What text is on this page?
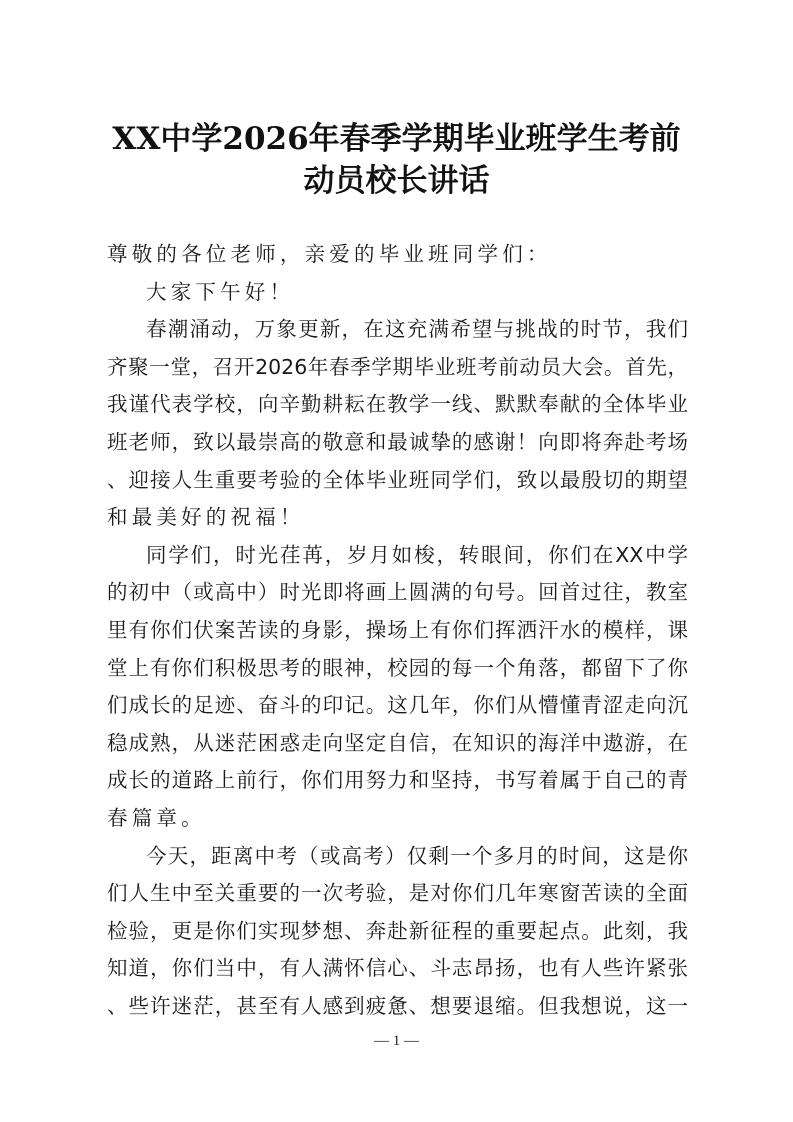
XX中学2026年春季学期毕业班学生考前
动员校长讲话
尊敬的各位老师，亲爱的毕业班同学们：
大家下午好！
春潮涌动，万象更新，在这充满希望与挑战的时节，我们
齐聚一堂，召开2026年春季学期毕业班考前动员大会。首先，
我谨代表学校，向辛勤耕耘在教学一线、默默奉献的全体毕业
班老师，致以最崇高的敬意和最诚挚的感谢！向即将奔赴考场
、迎接人生重要考验的全体毕业班同学们，致以最殷切的期望
和最美好的祝福！
同学们，时光荏苒，岁月如梭，转眼间，你们在XX中学
的初中（或高中）时光即将画上圆满的句号。回首过往，教室
里有你们伏案苦读的身影，操场上有你们挥洒汗水的模样，课
堂上有你们积极思考的眼神，校园的每一个角落，都留下了你
们成长的足迹、奋斗的印记。这几年，你们从懵懂青涩走向沉
稳成熟，从迷茫困惑走向坚定自信，在知识的海洋中遨游，在
成长的道路上前行，你们用努力和坚持，书写着属于自己的青
春篇章。
今天，距离中考（或高考）仅剩一个多月的时间，这是你
们人生中至关重要的一次考验，是对你们几年寒窗苦读的全面
检验，更是你们实现梦想、奔赴新征程的重要起点。此刻，我
知道，你们当中，有人满怀信心、斗志昂扬，也有人些许紧张
、些许迷茫，甚至有人感到疲惫、想要退缩。但我想说，这一
— 1 —
